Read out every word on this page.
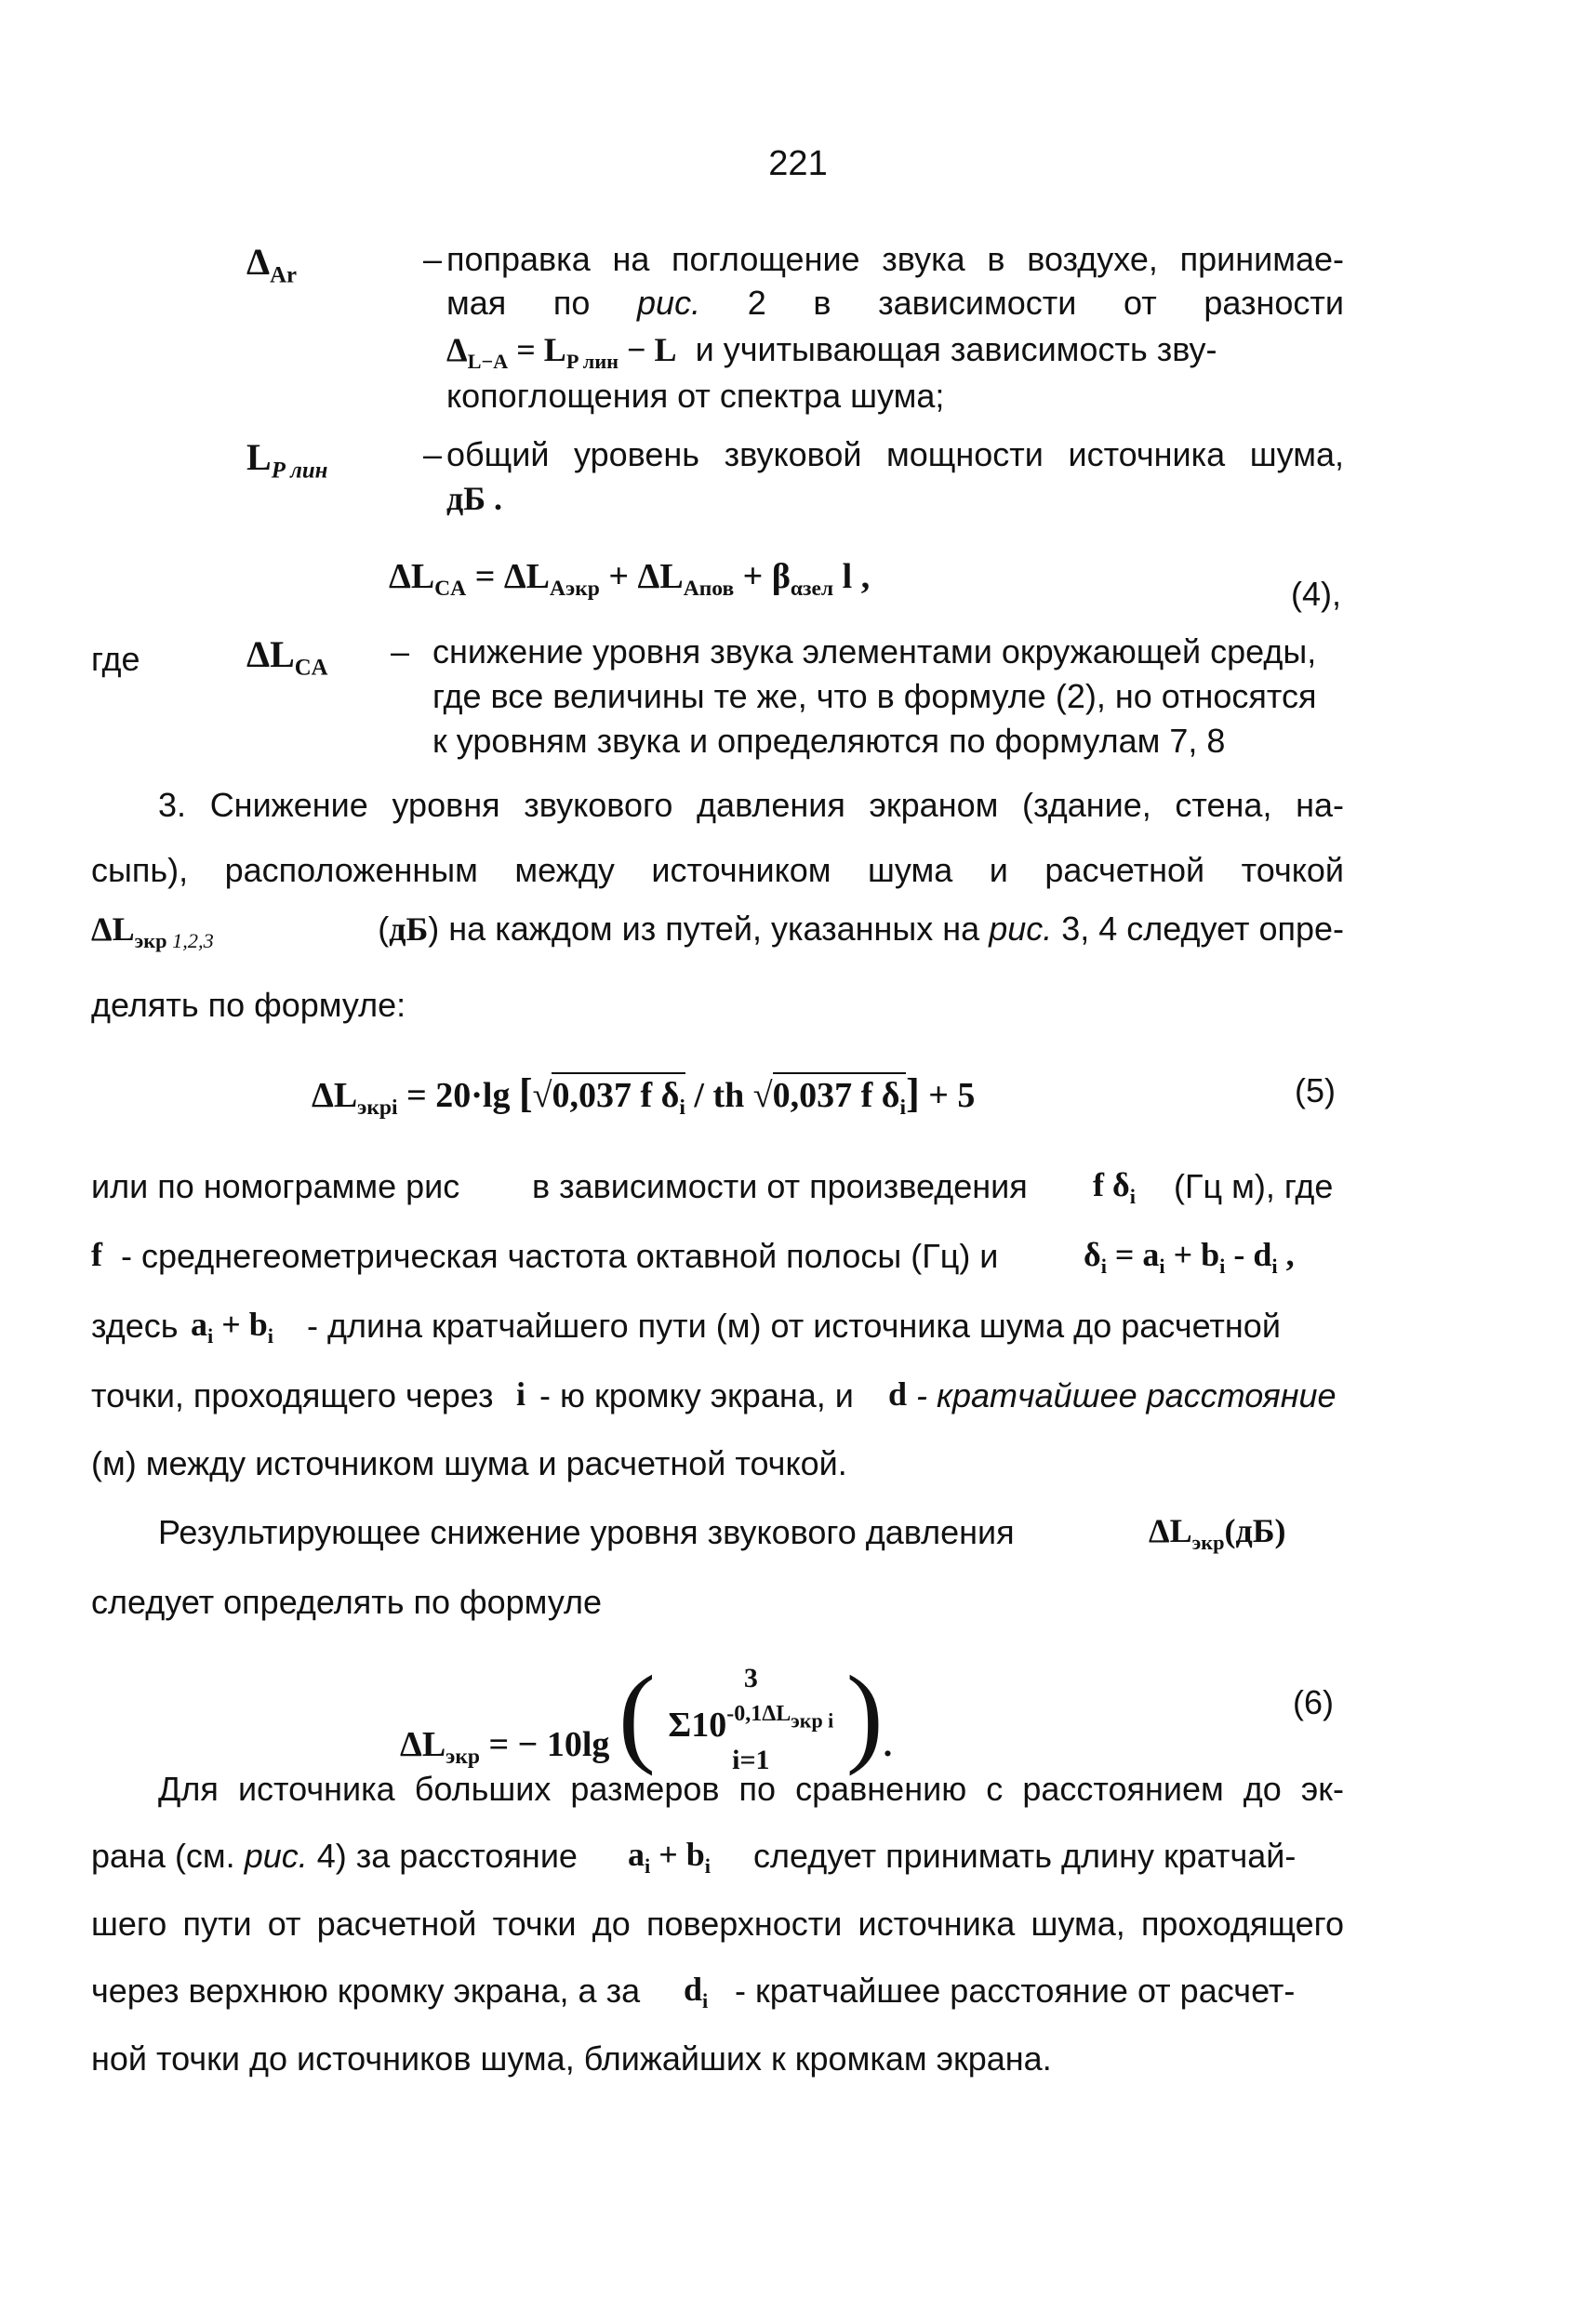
221
$\Delta_{Ar}$	– поправка на поглощение звука в воздухе, принимае-
мая по рис. 2 в зависимости от разности
$\Delta_{L-A} = L_{P лин} - L$  и учитывающая зависимость зву-
копоглощения от спектра шума;
$L_{P лин}$	– общий уровень звуковой мощности источника шума,
дБ .
$\Delta L_{CA} = \Delta L_{Аэкр} + \Delta L_{Aпов} + \beta_{\alpha зел}$ l ,	(4),
где	$\Delta L_{CA}$ – снижение уровня звука элементами окружающей среды,
где все величины те же, что в формуле (2), но относятся
к уровням звука и определяются по формулам 7, 8
3. Снижение уровня звукового давления экраном (здание, стена, на-
сыпь), расположенным между источником шума и расчетной точкой
$\Delta L_{экр 1,2,3}$	(дБ) на каждом из путей, указанных на рис. 3, 4 следует опре-
делять по формуле:
$\Delta L_{экрi} = 20\cdot\lg$ [√0,037 f $\delta_i$ / th √0,037 f $\delta_i] + 5$	(5)
или по номограмме рис в зависимости от произведения f $\delta_i$ (Гц м), где
f - среднегеометрическая частота октавной полосы (Гц) и	$\delta_i = a_i + b_i - d_i$ ,
здесь $a_i + b_i$ - длина кратчайшего пути (м) от источника шума до расчетной
точки, проходящего через i - ю кромку экрана, и d - кратчайшее расстояние
(м) между источником шума и расчетной точкой.
Результирующее снижение уровня звукового давления	$\Delta L_{экр}(дБ)$
следует определять по формуле
$\Delta L_{экр}$ = − 10lg (	3
$\Sigma 10^{-0,1\Delta L_{экр i}}$
i=1 ).
(6)
Для источника больших размеров по сравнению с расстоянием до эк-
рана (см. рис. 4) за расстояние $a_i + b_i$ следует принимать длину кратчай-
шего пути от расчетной точки до поверхности источника шума, проходящего
через верхнюю кромку экрана, а за $d_i$ - кратчайшее расстояние от расчет-
ной точки до источников шума, ближайших к кромкам экрана.
